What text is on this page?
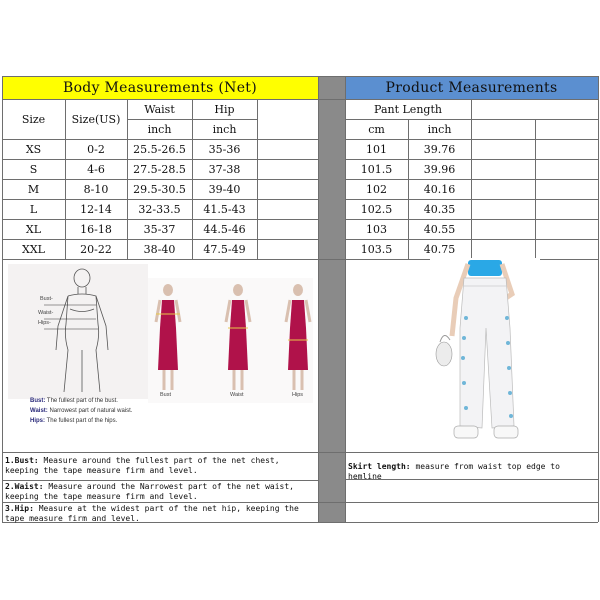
Body Measurements (Net)	Product Measurements
Size	Size(US)
Waist	Hip
inch	inch
XS	0-2	25.5-26.5	35-36
S	4-6	27.5-28.5	37-38
M	8-10	29.5-30.5	39-40
L	12-14	32-33.5	41.5-43
XL	16-18	35-37	44.5-46
XXL	20-22	38-40	47.5-49
Pant Length
cm	inch
101	39.76
101.5	39.96
102	40.16
102.5	40.35
103	40.55
103.5	40.75
Bust-
Waist-
Hips-
Bust	Waist	Hips
Bust: The fullest part of the bust.
Waist: Narrowest part of natural waist.
Hips: The fullest part of the hips.
1.Bust: Measure around the fullest part of the net chest, keeping the tape measure firm and level.
2.Waist: Measure around the Narrowest part of the net waist, keeping the tape measure firm and level.
3.Hip: Measure at the widest part of the net hip, keeping the tape measure firm and level.
Skirt length: measure from waist top edge to hemline
